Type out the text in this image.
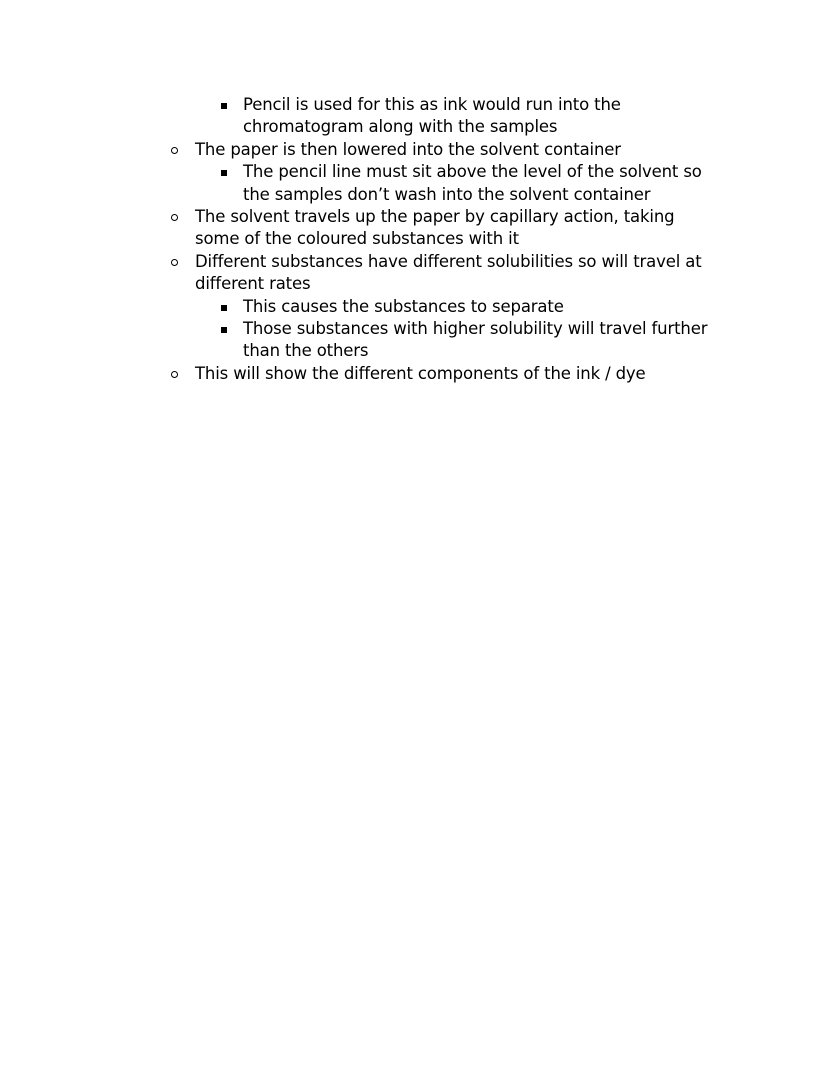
Pencil is used for this as ink would run into the
chromatogram along with the samples
The paper is then lowered into the solvent container
The pencil line must sit above the level of the solvent so
the samples don’t wash into the solvent container
The solvent travels up the paper by capillary action, taking
some of the coloured substances with it
Different substances have different solubilities so will travel at
different rates
This causes the substances to separate
Those substances with higher solubility will travel further
than the others
This will show the different components of the ink / dye
